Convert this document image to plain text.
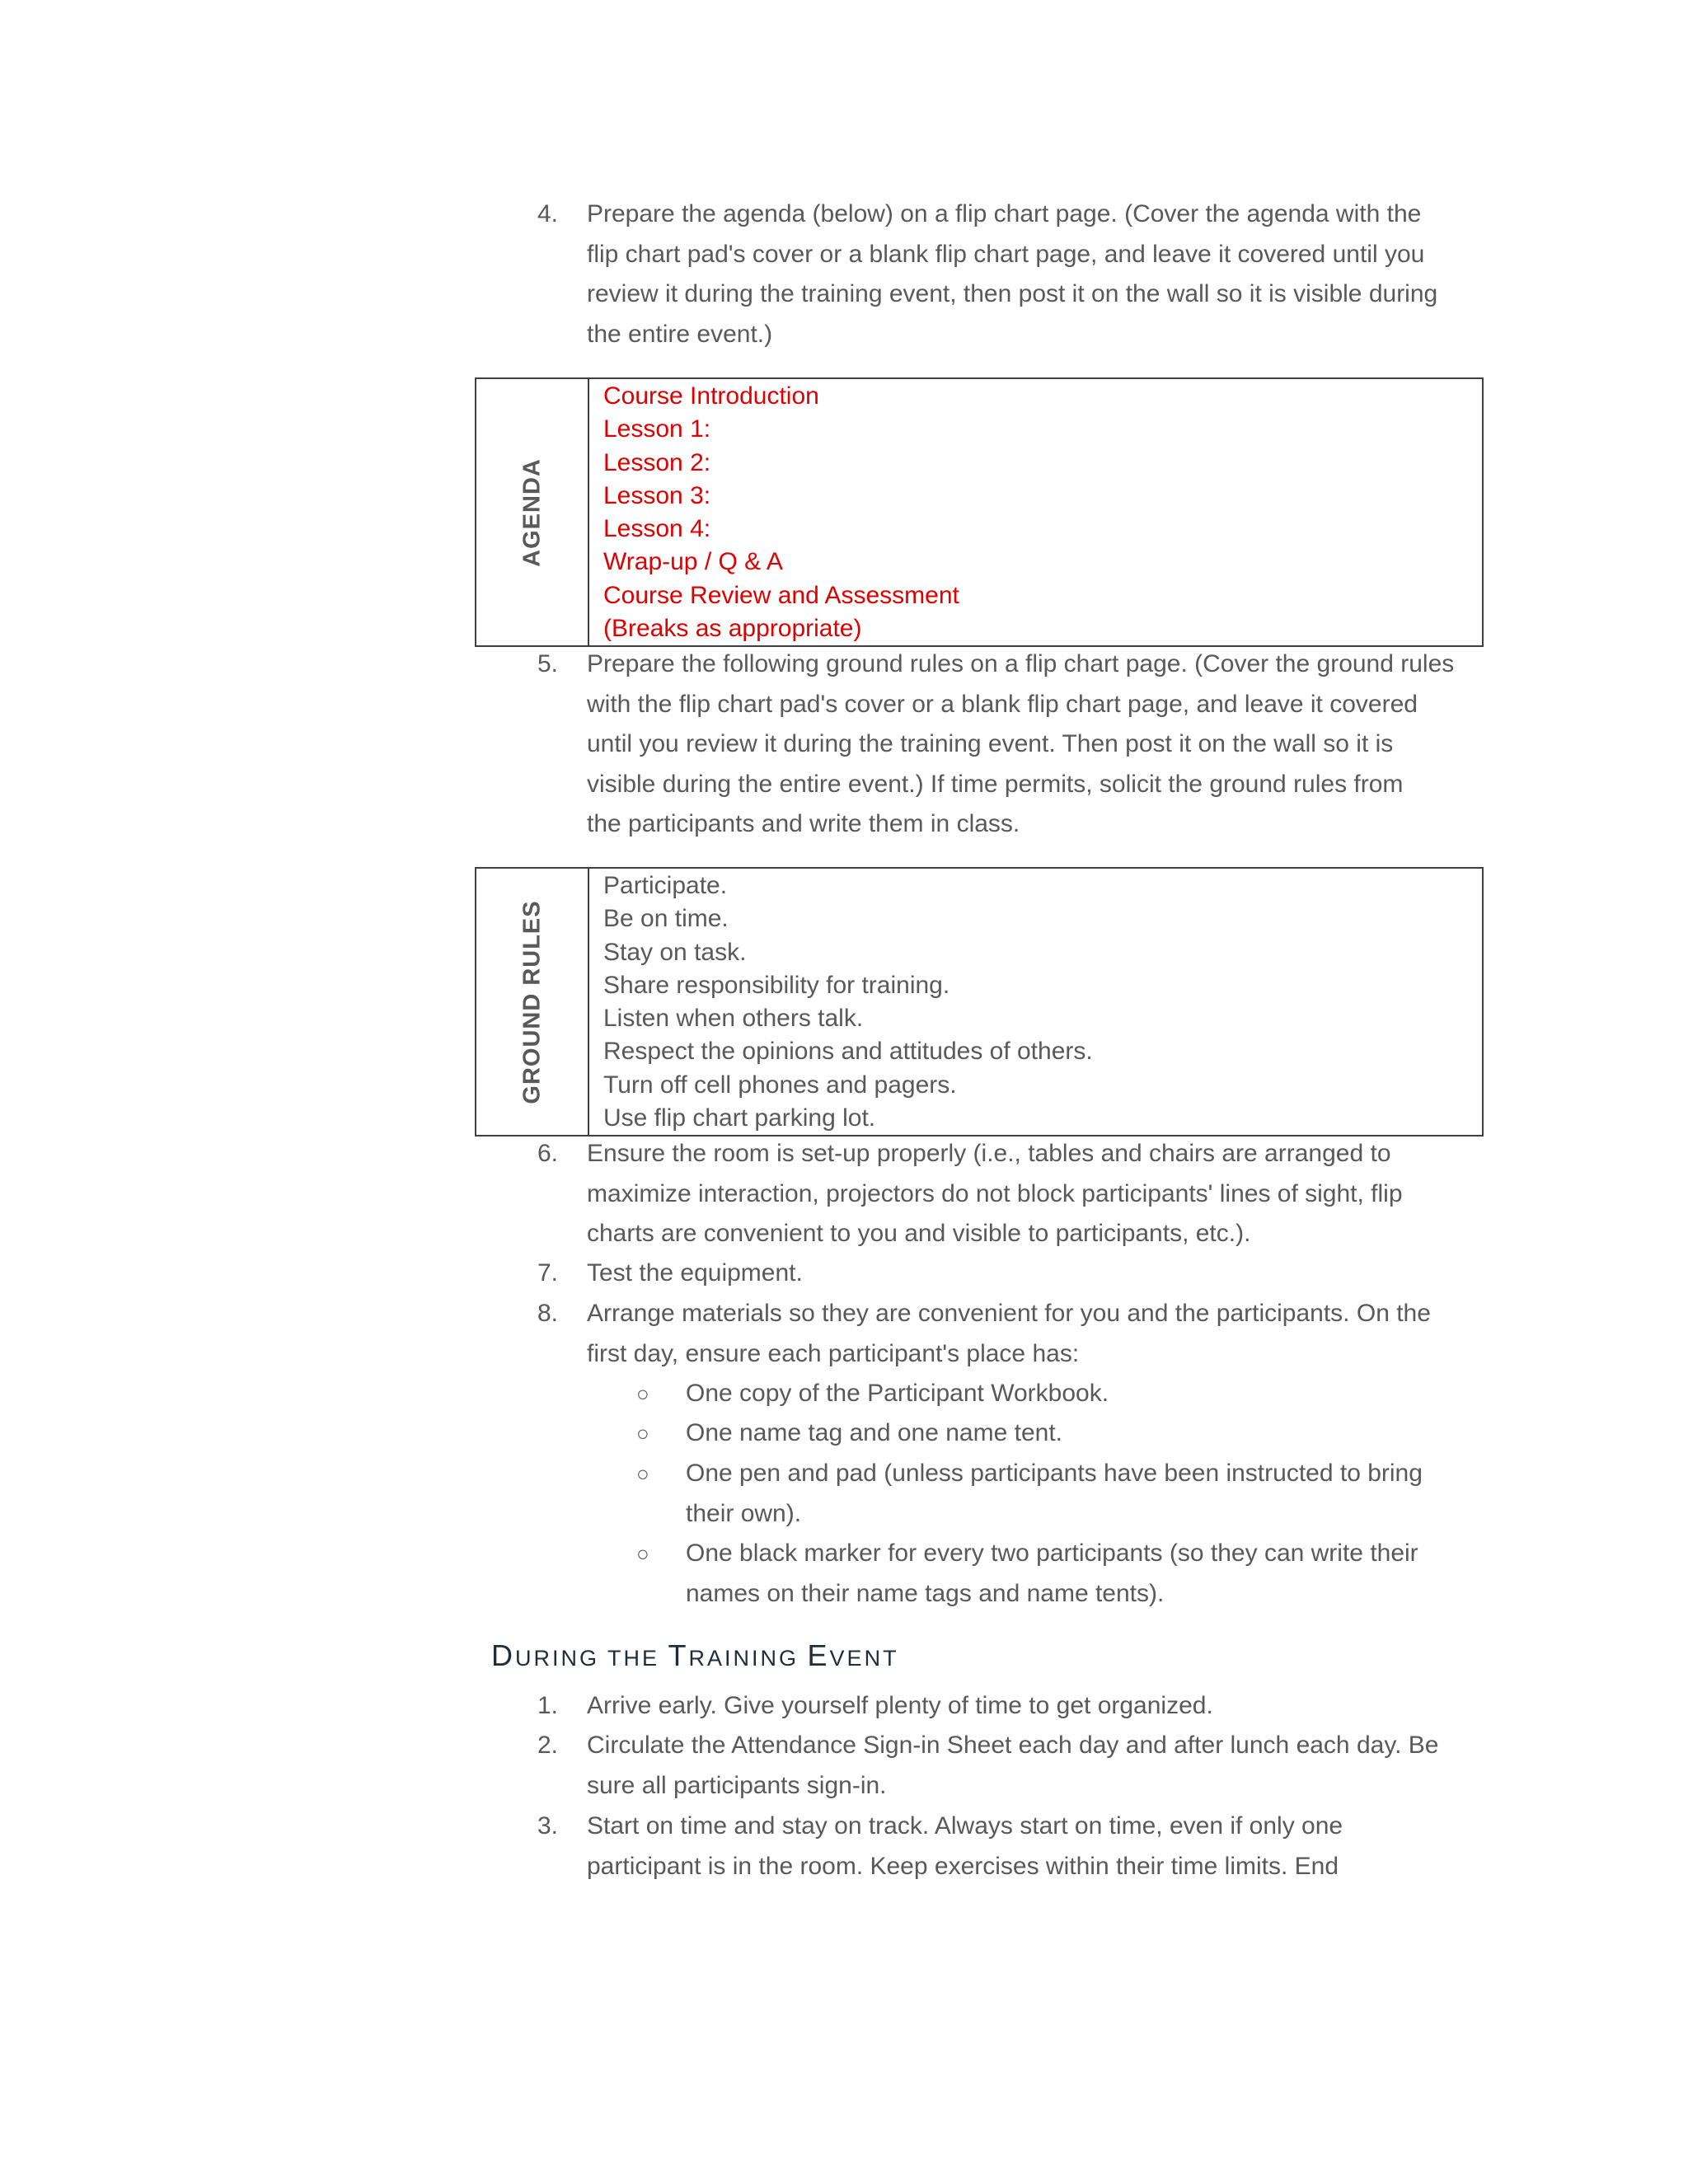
4. Prepare the agenda (below) on a flip chart page. (Cover the agenda with the
flip chart pad's cover or a blank flip chart page, and leave it covered until you
review it during the training event, then post it on the wall so it is visible during
the entire event.)
AGENDA
Course Introduction
Lesson 1:
Lesson 2:
Lesson 3:
Lesson 4:
Wrap-up / Q & A
Course Review and Assessment
(Breaks as appropriate)
5. Prepare the following ground rules on a flip chart page. (Cover the ground rules
with the flip chart pad's cover or a blank flip chart page, and leave it covered
until you review it during the training event. Then post it on the wall so it is
visible during the entire event.) If time permits, solicit the ground rules from
the participants and write them in class.
GROUND RULES
Participate.
Be on time.
Stay on task.
Share responsibility for training.
Listen when others talk.
Respect the opinions and attitudes of others.
Turn off cell phones and pagers.
Use flip chart parking lot.
6. Ensure the room is set-up properly (i.e., tables and chairs are arranged to
maximize interaction, projectors do not block participants' lines of sight, flip
charts are convenient to you and visible to participants, etc.).
7. Test the equipment.
8. Arrange materials so they are convenient for you and the participants. On the
first day, ensure each participant's place has:
○ One copy of the Participant Workbook.
○ One name tag and one name tent.
○ One pen and pad (unless participants have been instructed to bring
their own).
○ One black marker for every two participants (so they can write their
names on their name tags and name tents).
DURING THE TRAINING EVENT
1. Arrive early. Give yourself plenty of time to get organized.
2. Circulate the Attendance Sign-in Sheet each day and after lunch each day. Be
sure all participants sign-in.
3. Start on time and stay on track. Always start on time, even if only one
participant is in the room. Keep exercises within their time limits. End
